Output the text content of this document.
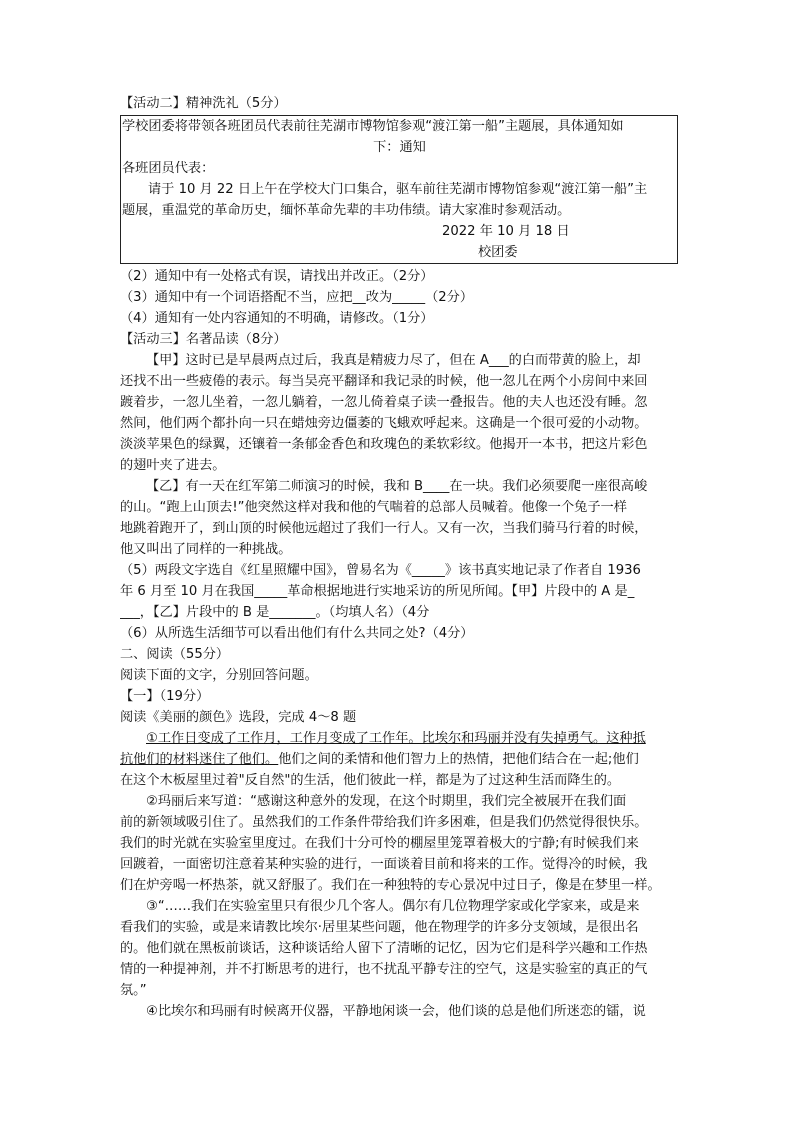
【活动二】精神洗礼（5分）
学校团委将带领各班团员代表前往芜湖市博物馆参观“渡江第一船”主题展，具体通知如
下：通知
各班团员代表：
请于 10 月 22 日上午在学校大门口集合，驱车前往芜湖市博物馆参观“渡江第一船”主
题展，重温党的革命历史，缅怀革命先辈的丰功伟绩。请大家准时参观活动。
2022 年 10 月 18 日
校团委
（2）通知中有一处格式有误，请找出并改正。（2分）
（3）通知中有一个词语搭配不当，应把__改为_____（2分）
（4）通知有一处内容通知的不明确，请修改。（1分）
【活动三】名著品读（8分）
【甲】这时已是早晨两点过后，我真是精疲力尽了，但在 A___的白而带黄的脸上，却
还找不出一些疲倦的表示。每当吴亮平翻译和我记录的时候，他一忽儿在两个小房间中来回
踱着步，一忽儿坐着，一忽儿躺着，一忽儿倚着桌子读一叠报告。他的夫人也还没有睡。忽
然间，他们两个都扑向一只在蜡烛旁边僵萎的飞蛾欢呼起来。这确是一个很可爱的小动物。
淡淡苹果色的绿翼，还镶着一条郁金香色和玫瑰色的柔软彩纹。他揭开一本书，把这片彩色
的翅叶夹了进去。
【乙】有一天在红军第二师演习的时候，我和 B____在一块。我们必须要爬一座很高峻
的山。“跑上山顶去!”他突然这样对我和他的气喘着的总部人员喊着。他像一个兔子一样
地跳着跑开了，到山顶的时候他远超过了我们一行人。又有一次，当我们骑马行着的时候，
他又叫出了同样的一种挑战。
（5）两段文字选自《红星照耀中国》，曾易名为《_____》该书真实地记录了作者自 1936
年 6 月至 10 月在我国_____革命根据地进行实地采访的所见所闻。【甲】片段中的 A 是_
___，【乙】片段中的 B 是_______。（均填人名）（4分
（6）从所选生活细节可以看出他们有什么共同之处?（4分）
二、阅读（55分）
阅读下面的文字，分别回答问题。
【一】（19分）
阅读《美丽的颜色》选段，完成 4～8 题
①工作日变成了工作月，工作月变成了工作年。比埃尔和玛丽并没有失掉勇气。这种抵
抗他们的材料迷住了他们。他们之间的柔情和他们智力上的热情，把他们结合在一起;他们
在这个木板屋里过着"反自然"的生活，他们彼此一样，都是为了过这种生活而降生的。
②玛丽后来写道：“感谢这种意外的发现，在这个时期里，我们完全被展开在我们面
前的新领域吸引住了。虽然我们的工作条件带给我们许多困难，但是我们仍然觉得很快乐。
我们的时光就在实验室里度过。在我们十分可怜的棚屋里笼罩着极大的宁静;有时候我们来
回踱着，一面密切注意着某种实验的进行，一面谈着目前和将来的工作。觉得冷的时候，我
们在炉旁喝一杯热茶，就又舒服了。我们在一种独特的专心景况中过日子，像是在梦里一样。
③“……我们在实验室里只有很少几个客人。偶尔有几位物理学家或化学家来，或是来
看我们的实验，或是来请教比埃尔·居里某些问题，他在物理学的许多分支领域，是很出名
的。他们就在黑板前谈话，这种谈话给人留下了清晰的记忆，因为它们是科学兴趣和工作热
情的一种提神剂，并不打断思考的进行，也不扰乱平静专注的空气，这是实验室的真正的气
氛。”
④比埃尔和玛丽有时候离开仪器，平静地闲谈一会，他们谈的总是他们所迷恋的镭，说
